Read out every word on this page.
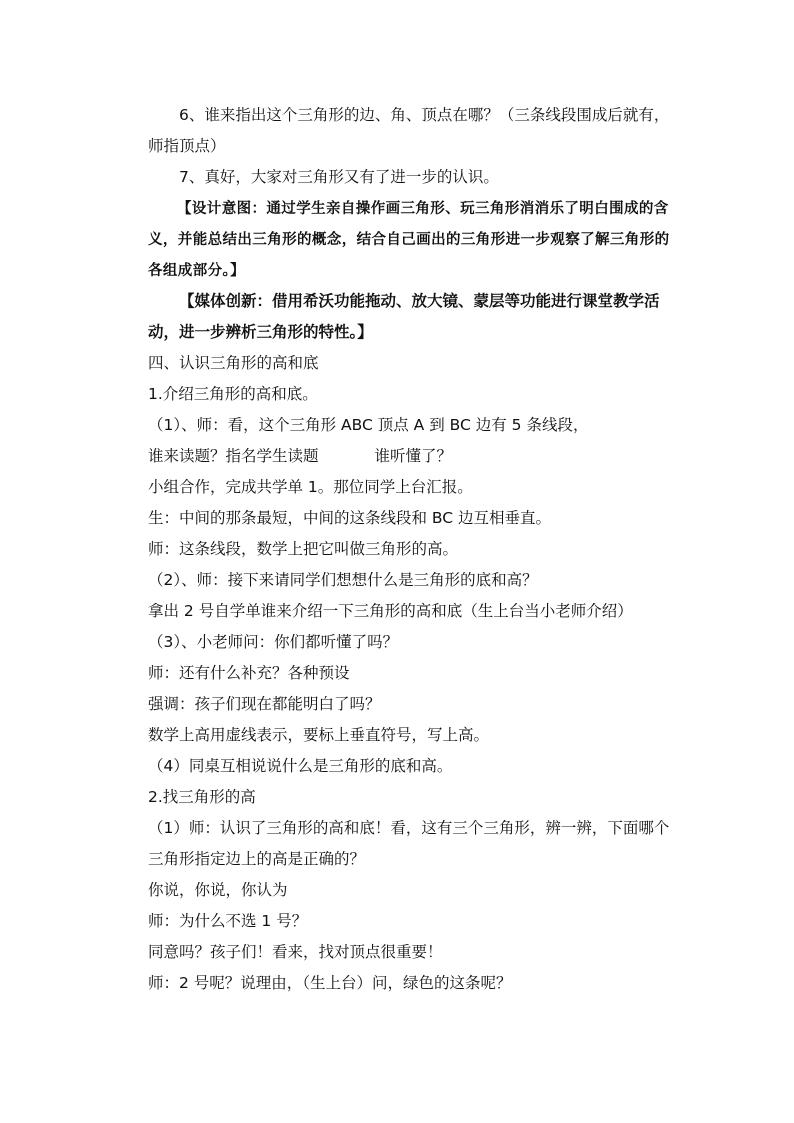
6、谁来指出这个三角形的边、角、顶点在哪？（三条线段围成后就有，师指顶点）

7、真好，大家对三角形又有了进一步的认识。

【设计意图：通过学生亲自操作画三角形、玩三角形消消乐了明白围成的含义，并能总结出三角形的概念，结合自己画出的三角形进一步观察了解三角形的各组成部分。】

【媒体创新：借用希沃功能拖动、放大镜、蒙层等功能进行课堂教学活动，进一步辨析三角形的特性。】

四、认识三角形的高和底

1.介绍三角形的高和底。

（1）、师：看，这个三角形 ABC 顶点 A 到 BC 边有 5 条线段，

谁来读题？指名学生读题	谁听懂了？

小组合作，完成共学单 1。那位同学上台汇报。

生：中间的那条最短，中间的这条线段和 BC 边互相垂直。

师：这条线段，数学上把它叫做三角形的高。

（2）、师：接下来请同学们想想什么是三角形的底和高？

拿出 2 号自学单谁来介绍一下三角形的高和底（生上台当小老师介绍）

（3）、小老师问：你们都听懂了吗？

师：还有什么补充？各种预设

强调：孩子们现在都能明白了吗？

数学上高用虚线表示，要标上垂直符号，写上高。

（4）同桌互相说说什么是三角形的底和高。

2.找三角形的高

（1）师：认识了三角形的高和底！看，这有三个三角形，辨一辨，下面哪个三角形指定边上的高是正确的？

你说，你说，你认为

师：为什么不选 1 号？

同意吗？孩子们！看来，找对顶点很重要！

师：2 号呢？说理由，（生上台）问，绿色的这条呢？
